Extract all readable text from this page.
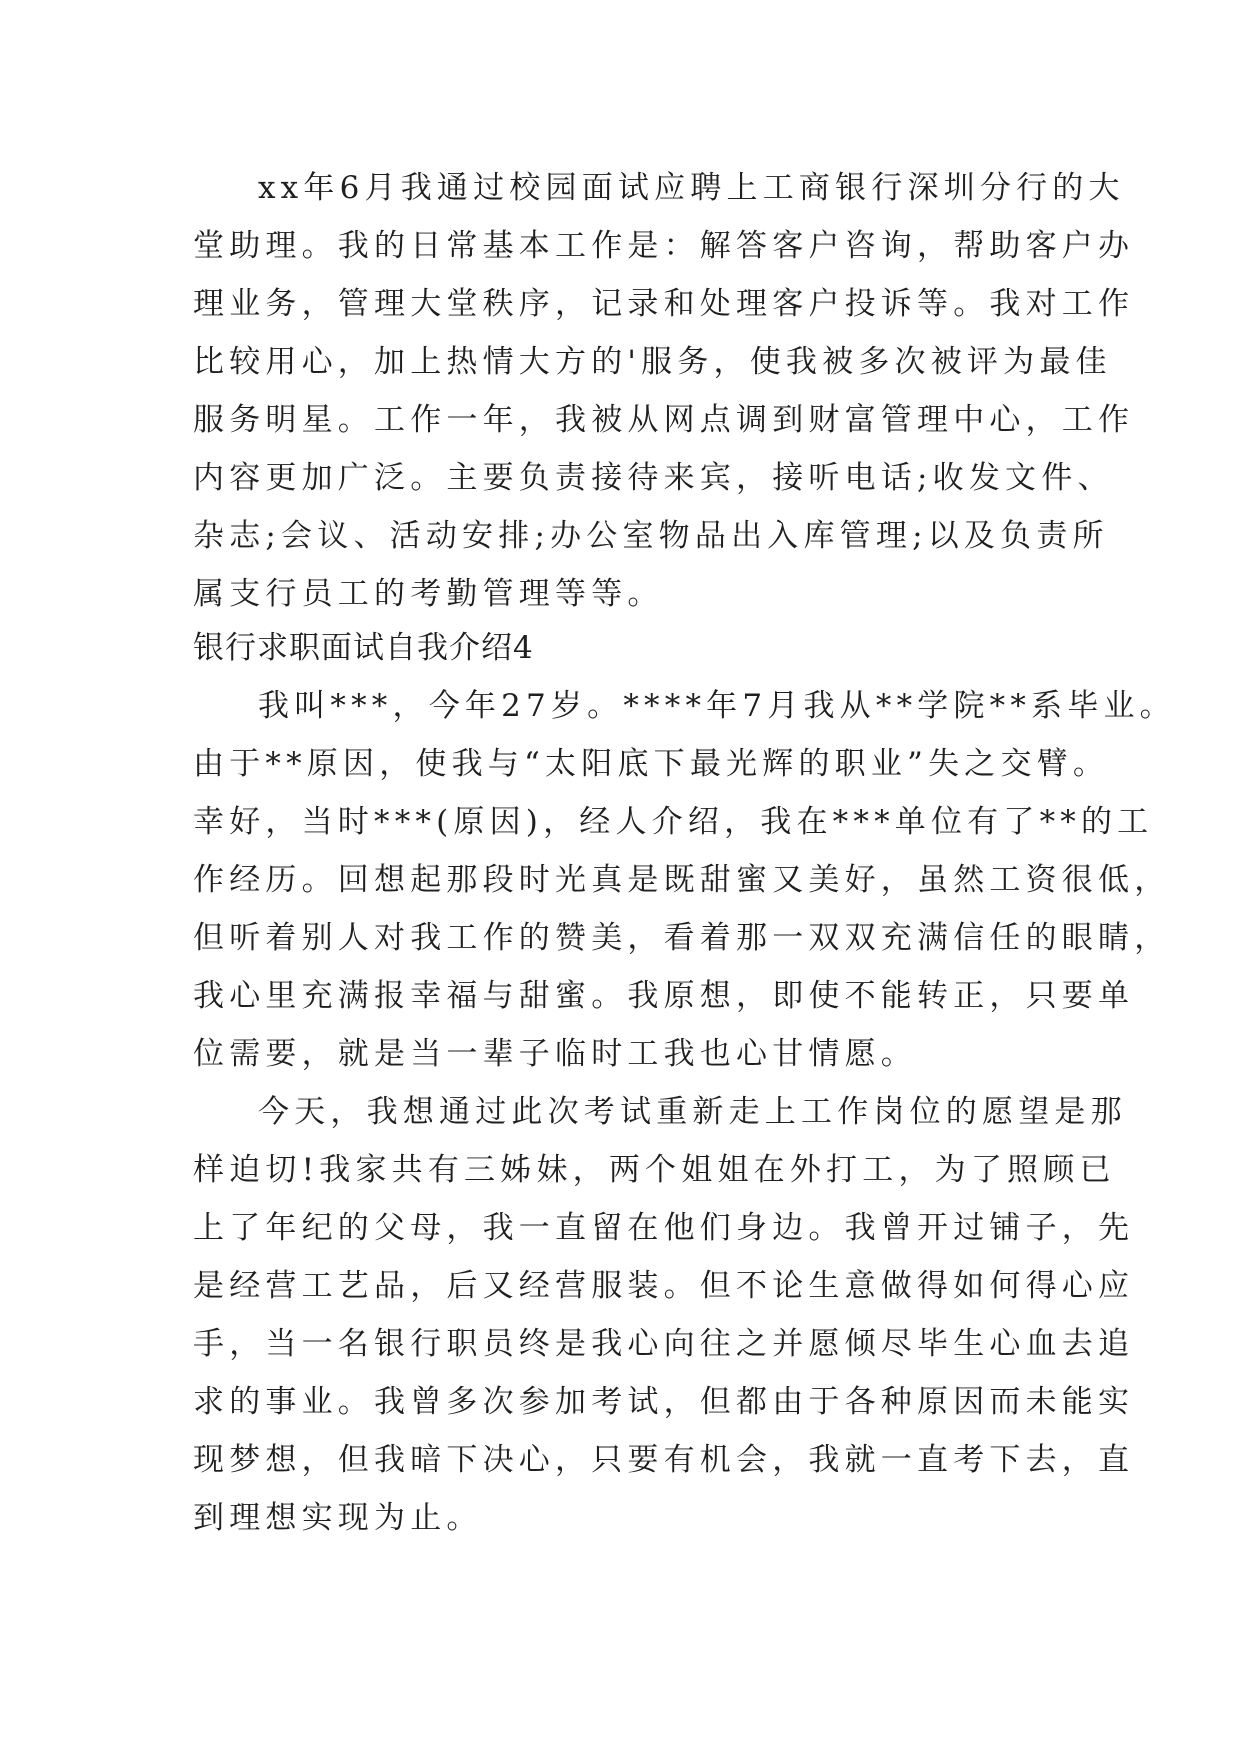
xx年6月我通过校园面试应聘上工商银行深圳分行的大
堂助理。我的日常基本工作是：解答客户咨询，帮助客户办
理业务，管理大堂秩序，记录和处理客户投诉等。我对工作
比较用心，加上热情大方的'服务，使我被多次被评为最佳
服务明星。工作一年，我被从网点调到财富管理中心，工作
内容更加广泛。主要负责接待来宾，接听电话;收发文件、
杂志;会议、活动安排;办公室物品出入库管理;以及负责所
属支行员工的考勤管理等等。
银行求职面试自我介绍4
我叫***，今年27岁。****年7月我从**学院**系毕业。
由于**原因，使我与“太阳底下最光辉的职业”失之交臂。
幸好，当时***(原因)，经人介绍，我在***单位有了**的工
作经历。回想起那段时光真是既甜蜜又美好，虽然工资很低，
但听着别人对我工作的赞美，看着那一双双充满信任的眼睛，
我心里充满报幸福与甜蜜。我原想，即使不能转正，只要单
位需要，就是当一辈子临时工我也心甘情愿。
今天，我想通过此次考试重新走上工作岗位的愿望是那
样迫切!我家共有三姊妹，两个姐姐在外打工，为了照顾已
上了年纪的父母，我一直留在他们身边。我曾开过铺子，先
是经营工艺品，后又经营服装。但不论生意做得如何得心应
手，当一名银行职员终是我心向往之并愿倾尽毕生心血去追
求的事业。我曾多次参加考试，但都由于各种原因而未能实
现梦想，但我暗下决心，只要有机会，我就一直考下去，直
到理想实现为止。
